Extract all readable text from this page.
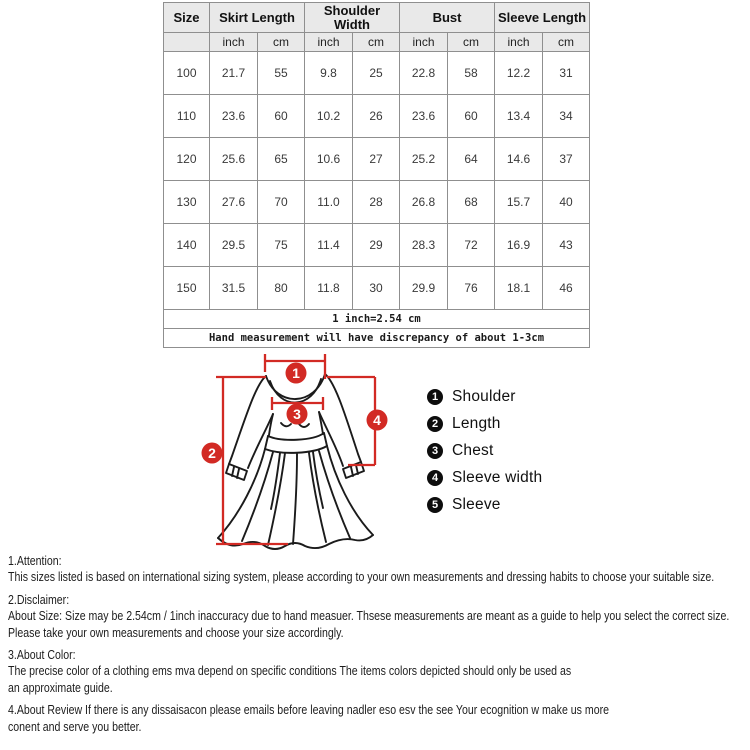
Size	Skirt Length		Shoulder Width		Bust		Sleeve Length	
	inch	cm	inch	cm	inch	cm	inch	cm
100	21.7	55	9.8	25	22.8	58	12.2	31
110	23.6	60	10.2	26	23.6	60	13.4	34
120	25.6	65	10.6	27	25.2	64	14.6	37
130	27.6	70	11.0	28	26.8	68	15.7	40
140	29.5	75	11.4	29	28.3	72	16.9	43
150	31.5	80	11.8	30	29.9	76	18.1	46
1 inch=2.54 cm								
Hand measurement will have discrepancy of about 1-3cm								
1
2
3	4
1 Shoulder
2 Length
3 Chest
4 Sleeve width
5 Sleeve
1.Attention:
This sizes listed is based on international sizing system, please according to your own measurements and dressing habits to choose your suitable size.
2.Disclaimer:
About Size: Size may be 2.54cm / 1inch inaccuracy due to hand measuer. Thsese measurements are meant as a guide to help you select the correct size.
Please take your own measurements and choose your size accordingly.
3.About Color:
The precise color of a clothing ems mva depend on specific conditions The items colors depicted should only be used as
an approximate guide.
4.About Review If there is any dissaisacon please emails before leaving nadler eso esv the see Your ecognition w make us more
conent and serve you better.
